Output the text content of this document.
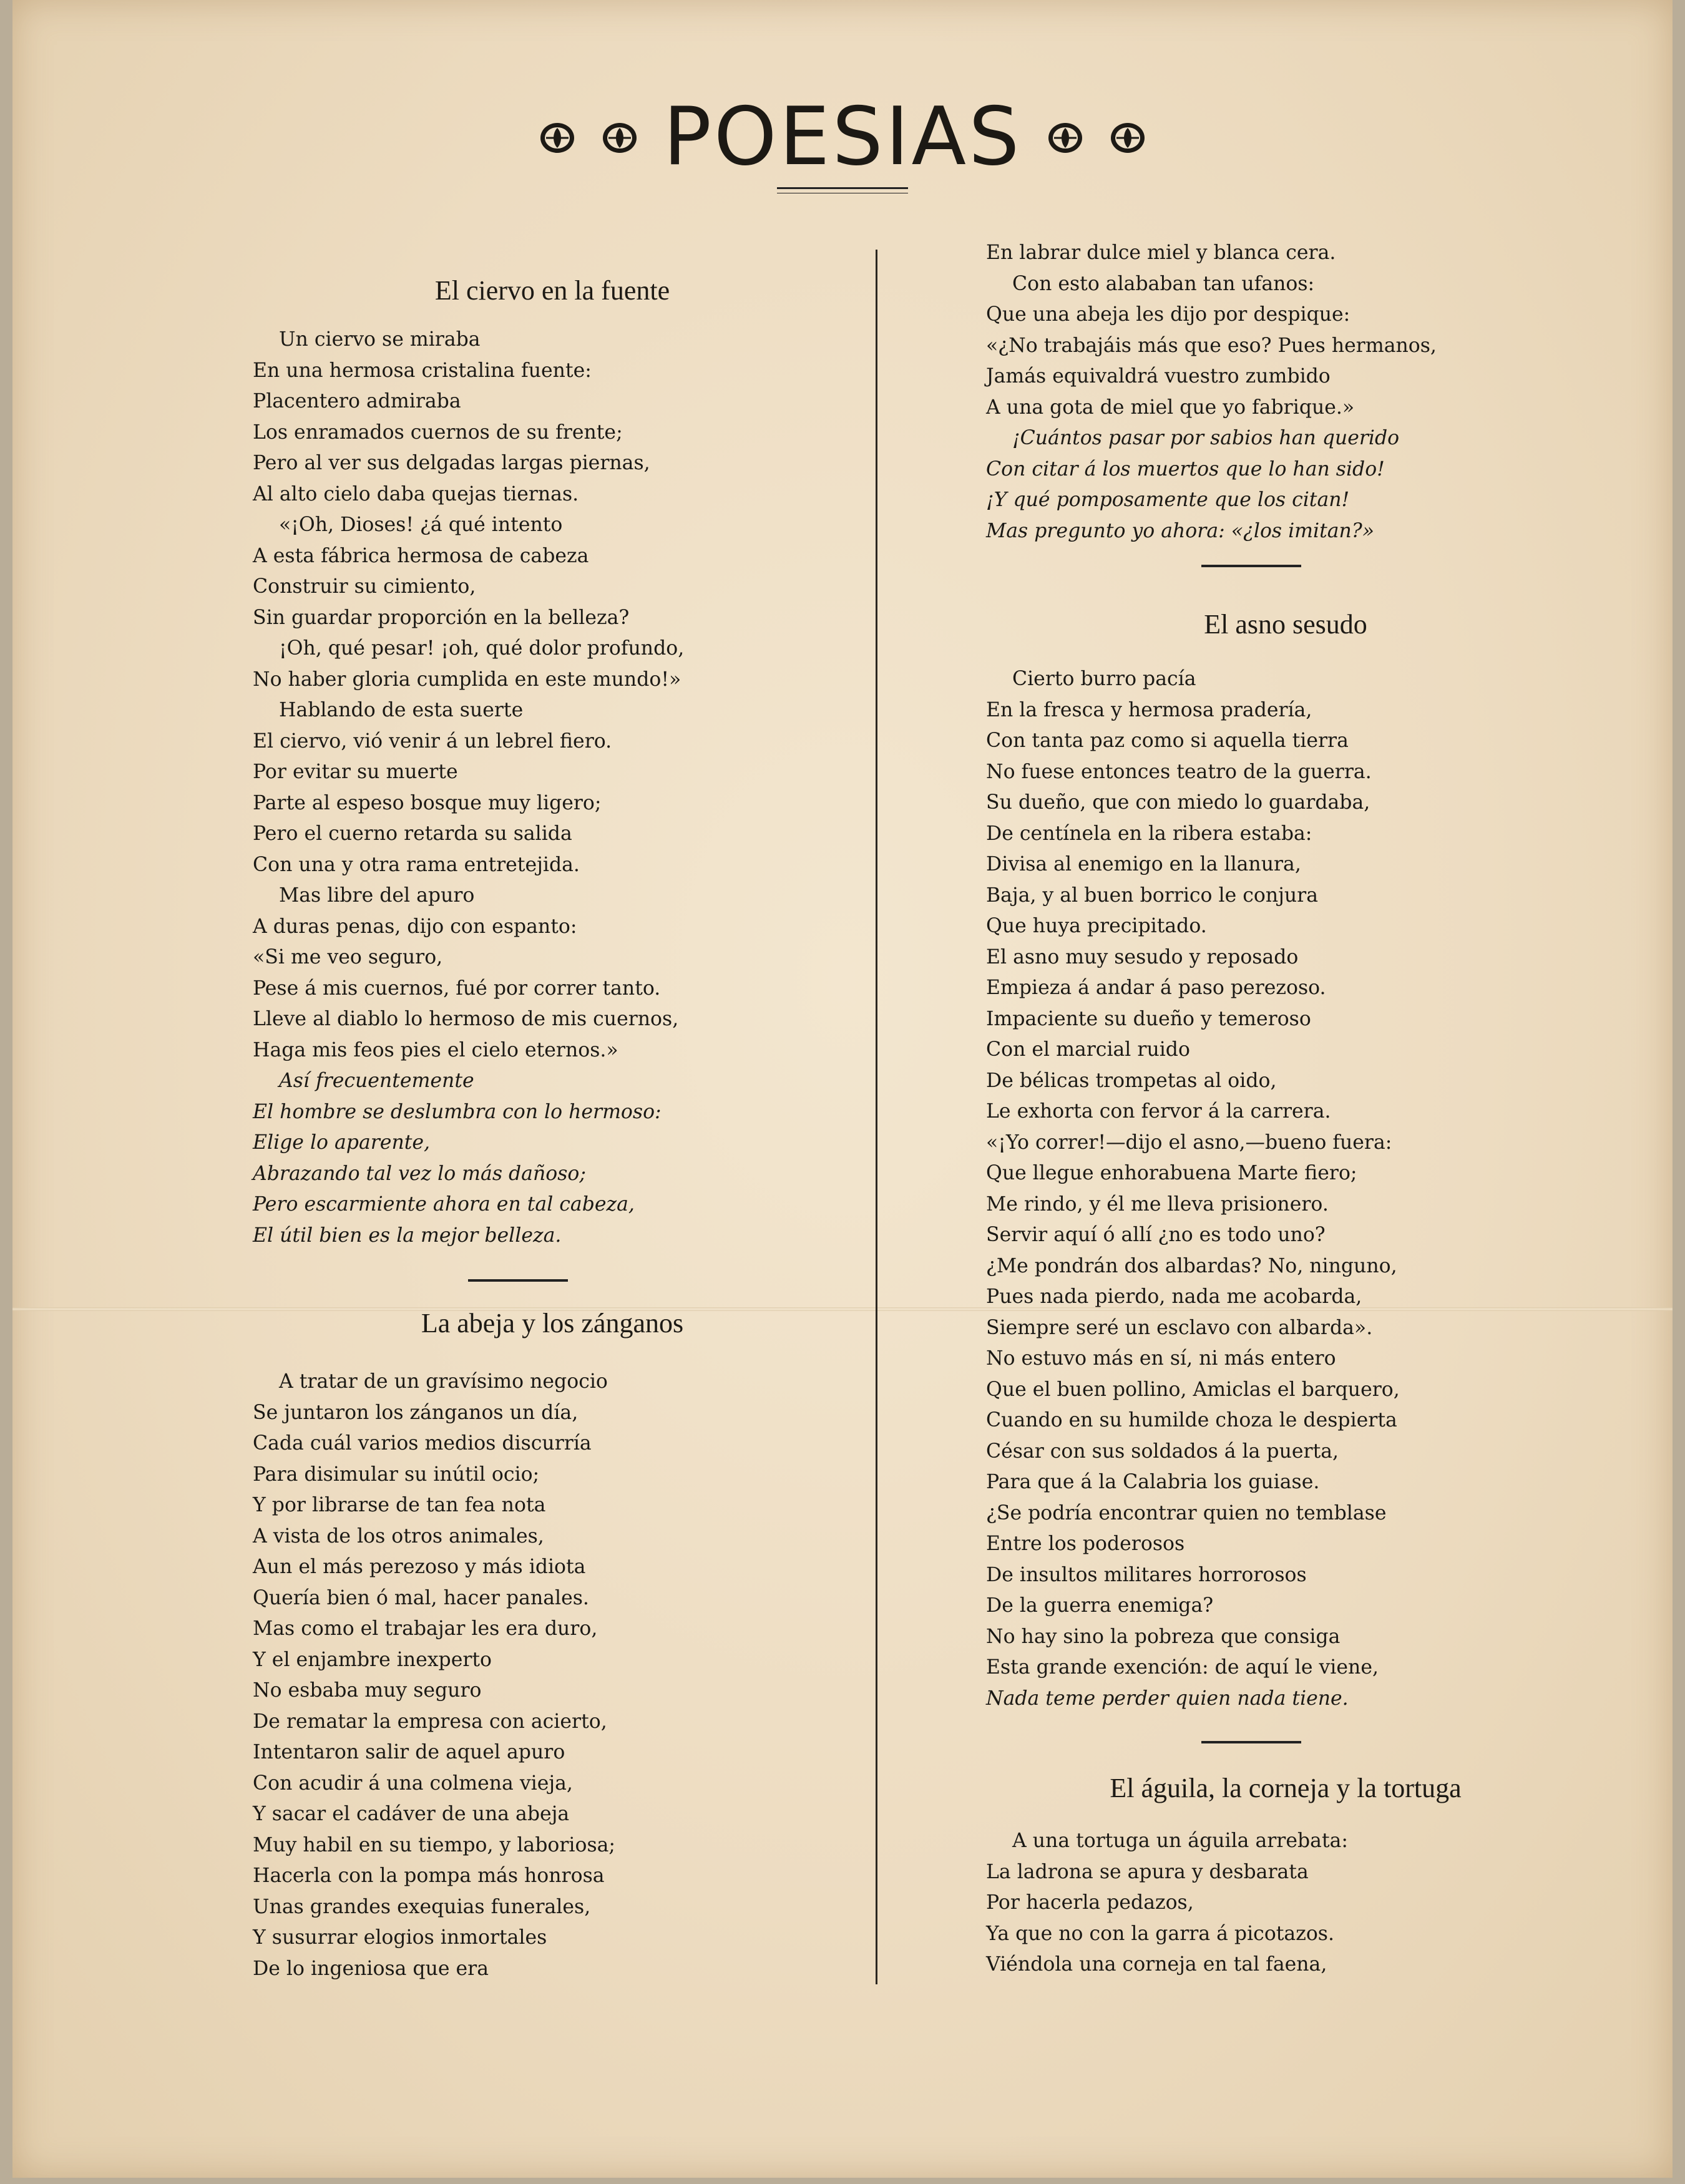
POESIAS
El ciervo en la fuente
Un ciervo se miraba
En una hermosa cristalina fuente:
Placentero admiraba
Los enramados cuernos de su frente;
Pero al ver sus delgadas largas piernas,
Al alto cielo daba quejas tiernas.
«¡Oh, Dioses! ¿á qué intento
A esta fábrica hermosa de cabeza
Construir su cimiento,
Sin guardar proporción en la belleza?
¡Oh, qué pesar! ¡oh, qué dolor profundo,
No haber gloria cumplida en este mundo!»
Hablando de esta suerte
El ciervo, vió venir á un lebrel fiero.
Por evitar su muerte
Parte al espeso bosque muy ligero;
Pero el cuerno retarda su salida
Con una y otra rama entretejida.
Mas libre del apuro
A duras penas, dijo con espanto:
«Si me veo seguro,
Pese á mis cuernos, fué por correr tanto.
Lleve al diablo lo hermoso de mis cuernos,
Haga mis feos pies el cielo eternos.»
Así frecuentemente
El hombre se deslumbra con lo hermoso:
Elige lo aparente,
Abrazando tal vez lo más dañoso;
Pero escarmiente ahora en tal cabeza,
El útil bien es la mejor belleza.
La abeja y los zánganos
A tratar de un gravísimo negocio
Se juntaron los zánganos un día,
Cada cuál varios medios discurría
Para disimular su inútil ocio;
Y por librarse de tan fea nota
A vista de los otros animales,
Aun el más perezoso y más idiota
Quería bien ó mal, hacer panales.
Mas como el trabajar les era duro,
Y el enjambre inexperto
No esbaba muy seguro
De rematar la empresa con acierto,
Intentaron salir de aquel apuro
Con acudir á una colmena vieja,
Y sacar el cadáver de una abeja
Muy habil en su tiempo, y laboriosa;
Hacerla con la pompa más honrosa
Unas grandes exequias funerales,
Y susurrar elogios inmortales
De lo ingeniosa que era
En labrar dulce miel y blanca cera.
Con esto alababan tan ufanos:
Que una abeja les dijo por despique:
«¿No trabajáis más que eso? Pues hermanos,
Jamás equivaldrá vuestro zumbido
A una gota de miel que yo fabrique.»
¡Cuántos pasar por sabios han querido
Con citar á los muertos que lo han sido!
¡Y qué pomposamente que los citan!
Mas pregunto yo ahora: «¿los imitan?»
El asno sesudo
Cierto burro pacía
En la fresca y hermosa pradería,
Con tanta paz como si aquella tierra
No fuese entonces teatro de la guerra.
Su dueño, que con miedo lo guardaba,
De centínela en la ribera estaba:
Divisa al enemigo en la llanura,
Baja, y al buen borrico le conjura
Que huya precipitado.
El asno muy sesudo y reposado
Empieza á andar á paso perezoso.
Impaciente su dueño y temeroso
Con el marcial ruido
De bélicas trompetas al oido,
Le exhorta con fervor á la carrera.
«¡Yo correr!—dijo el asno,—bueno fuera:
Que llegue enhorabuena Marte fiero;
Me rindo, y él me lleva prisionero.
Servir aquí ó allí ¿no es todo uno?
¿Me pondrán dos albardas? No, ninguno,
Pues nada pierdo, nada me acobarda,
Siempre seré un esclavo con albarda».
No estuvo más en sí, ni más entero
Que el buen pollino, Amiclas el barquero,
Cuando en su humilde choza le despierta
César con sus soldados á la puerta,
Para que á la Calabria los guiase.
¿Se podría encontrar quien no temblase
Entre los poderosos
De insultos militares horrorosos
De la guerra enemiga?
No hay sino la pobreza que consiga
Esta grande exención: de aquí le viene,
Nada teme perder quien nada tiene.
El águila, la corneja y la tortuga
A una tortuga un águila arrebata:
La ladrona se apura y desbarata
Por hacerla pedazos,
Ya que no con la garra á picotazos.
Viéndola una corneja en tal faena,
